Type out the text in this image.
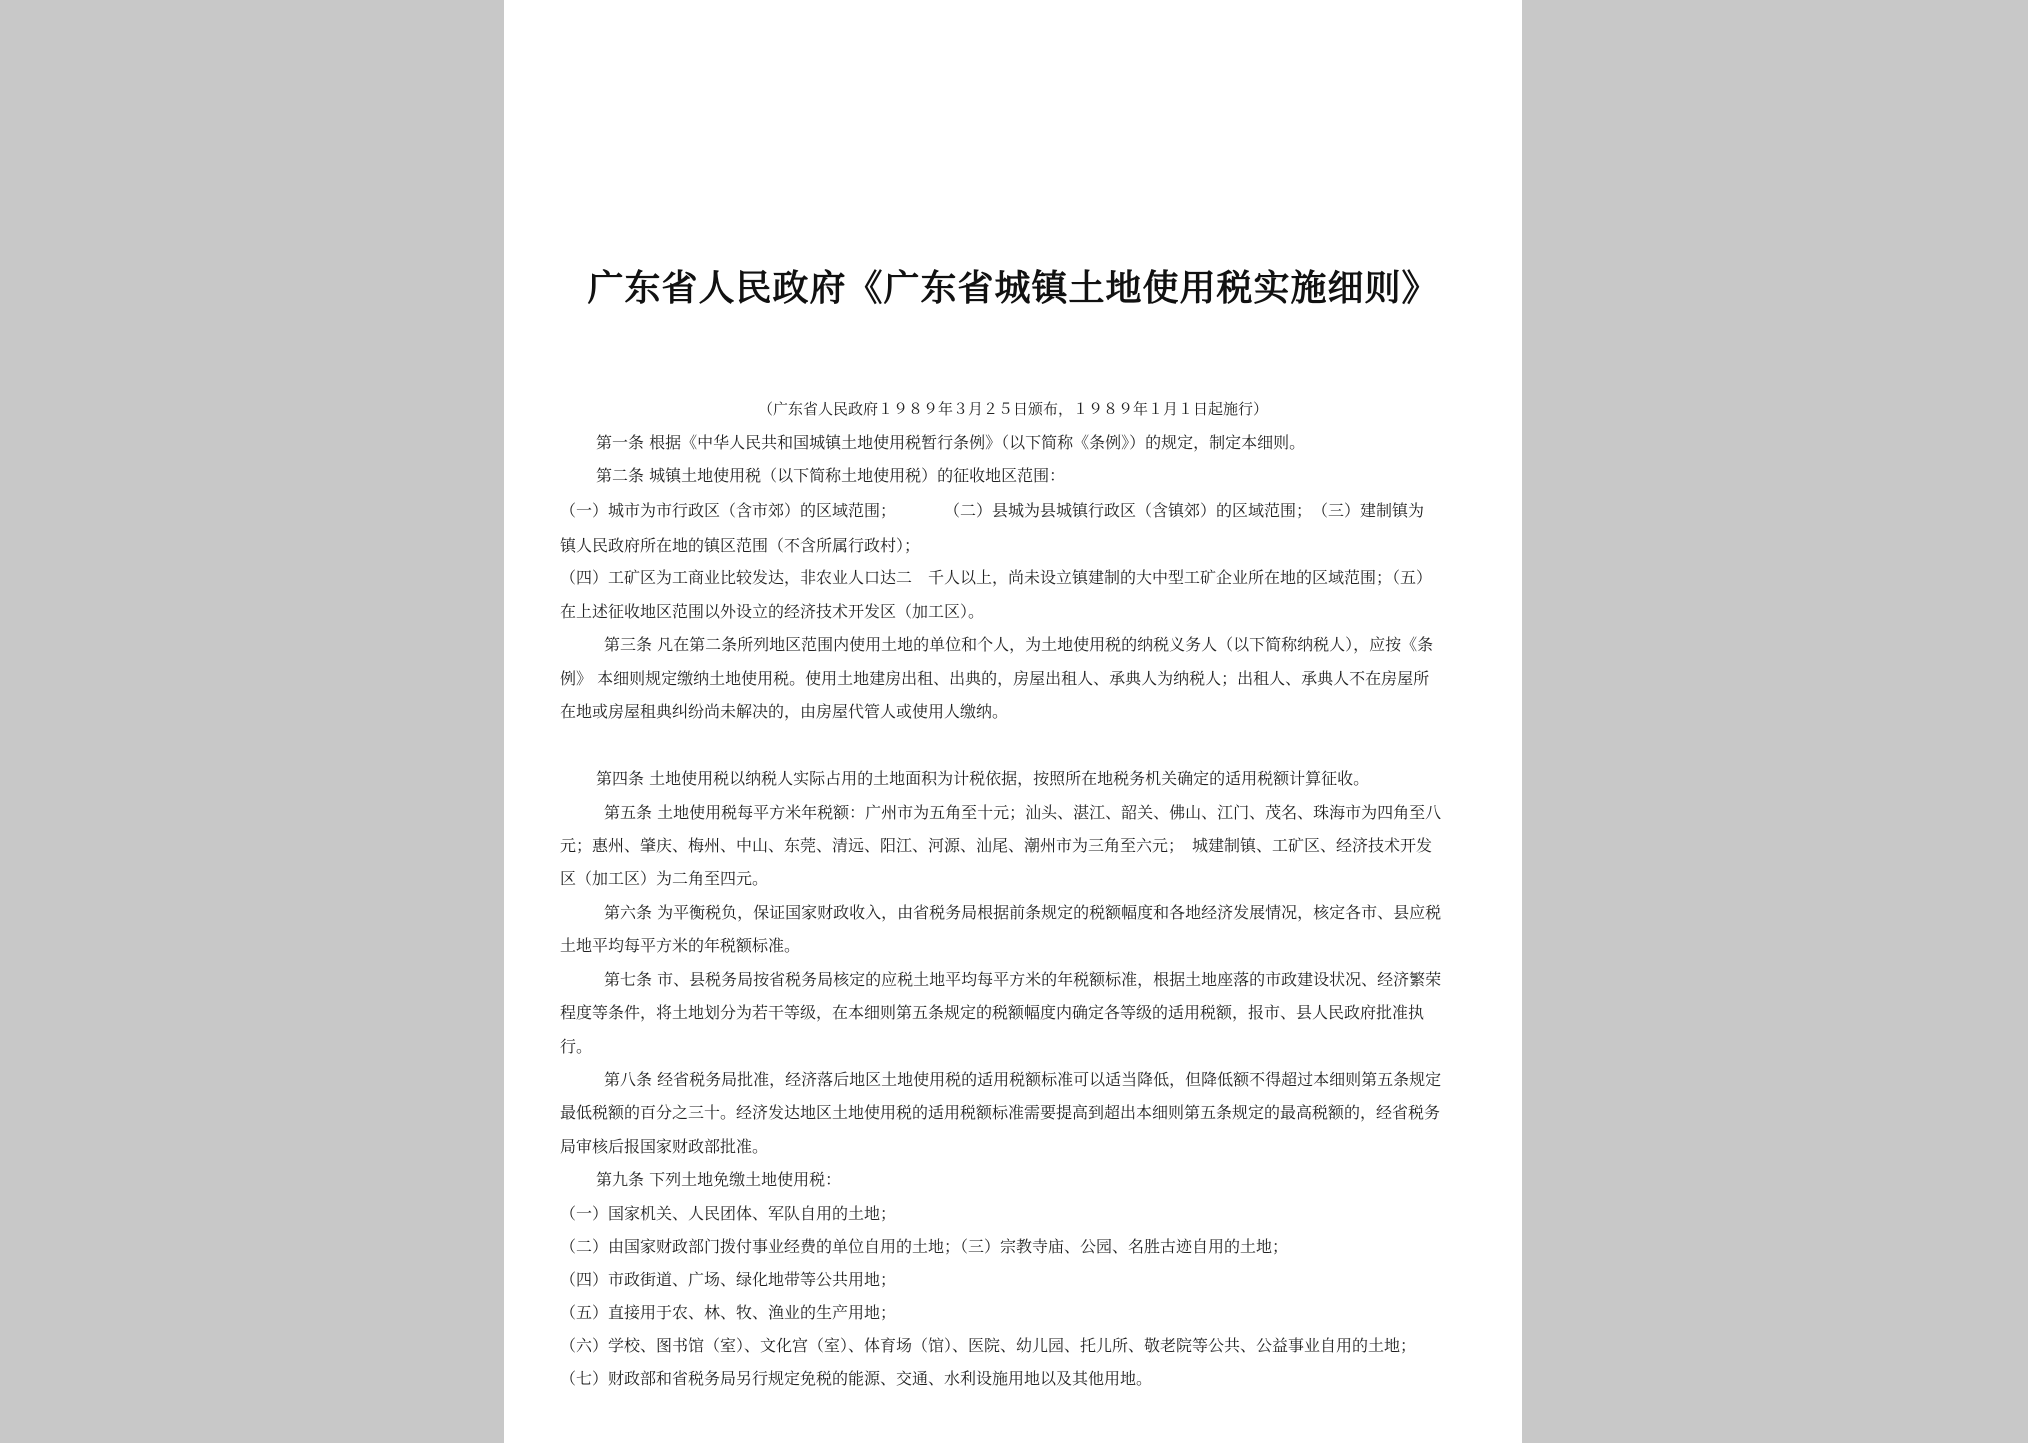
广东省人民政府《广东省城镇土地使用税实施细则》
（广东省人民政府１９８９年３月２５日颁布，１９８９年１月１日起施行）
第一条 根据《中华人民共和国城镇土地使用税暂行条例》（以下简称《条例》）的规定，制定本细则。
第二条 城镇土地使用税（以下简称土地使用税）的征收地区范围：
（一）城市为市行政区（含市郊）的区域范围；　　　　（二）县城为县城镇行政区（含镇郊）的区域范围；　（三）建制镇为
镇人民政府所在地的镇区范围（不含所属行政村）；
（四）工矿区为工商业比较发达，非农业人口达二　千人以上，尚未设立镇建制的大中型工矿企业所在地的区域范围；（五）
在上述征收地区范围以外设立的经济技术开发区（加工区）。
第三条 凡在第二条所列地区范围内使用土地的单位和个人，为土地使用税的纳税义务人（以下简称纳税人），应按《条
例》 本细则规定缴纳土地使用税。使用土地建房出租、出典的，房屋出租人、承典人为纳税人；出租人、承典人不在房屋所
在地或房屋租典纠纷尚未解决的，由房屋代管人或使用人缴纳。
第四条 土地使用税以纳税人实际占用的土地面积为计税依据，按照所在地税务机关确定的适用税额计算征收。
第五条 土地使用税每平方米年税额：广州市为五角至十元；汕头、湛江、韶关、佛山、江门、茂名、珠海市为四角至八
元；惠州、肇庆、梅州、中山、东莞、清远、阳江、河源、汕尾、潮州市为三角至六元；　城建制镇、工矿区、经济技术开发
区（加工区）为二角至四元。
第六条 为平衡税负，保证国家财政收入，由省税务局根据前条规定的税额幅度和各地经济发展情况，核定各市、县应税
土地平均每平方米的年税额标准。
第七条 市、县税务局按省税务局核定的应税土地平均每平方米的年税额标准，根据土地座落的市政建设状况、经济繁荣
程度等条件，将土地划分为若干等级，在本细则第五条规定的税额幅度内确定各等级的适用税额，报市、县人民政府批准执
行。
第八条 经省税务局批准，经济落后地区土地使用税的适用税额标准可以适当降低，但降低额不得超过本细则第五条规定
最低税额的百分之三十。经济发达地区土地使用税的适用税额标准需要提高到超出本细则第五条规定的最高税额的，经省税务
局审核后报国家财政部批准。
第九条 下列土地免缴土地使用税：
（一）国家机关、人民团体、军队自用的土地；
（二）由国家财政部门拨付事业经费的单位自用的土地；（三）宗教寺庙、公园、名胜古迹自用的土地；
（四）市政街道、广场、绿化地带等公共用地；
（五）直接用于农、林、牧、渔业的生产用地；
（六）学校、图书馆（室）、文化宫（室）、体育场（馆）、医院、幼儿园、托儿所、敬老院等公共、公益事业自用的土地；
（七）财政部和省税务局另行规定免税的能源、交通、水利设施用地以及其他用地。
